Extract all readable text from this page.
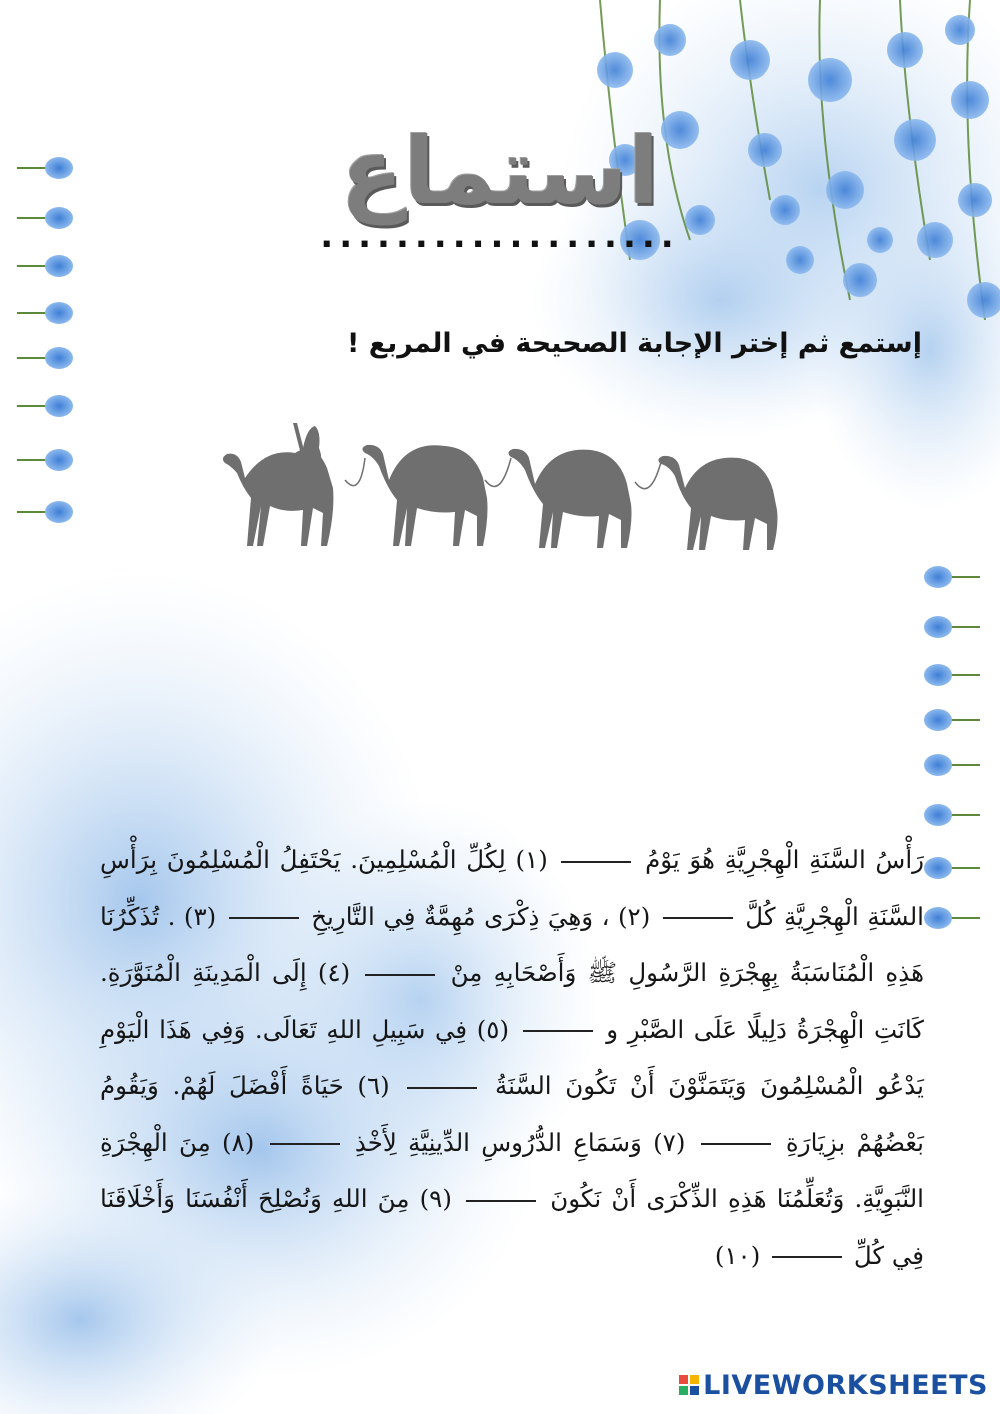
استماع
...................
إستمع ثم إختر الإجابة الصحيحة في المربع !
رَأْسُ السَّنَةِ الْهِجْرِيَّةِ هُوَ يَوْمُ  (١) لِكُلِّ الْمُسْلِمِينَ. يَحْتَفِلُ الْمُسْلِمُونَ بِرَأْسِ السَّنَةِ الْهِجْرِيَّةِ كُلَّ  (٢) ، وَهِيَ ذِكْرَى مُهِمَّةٌ فِي التَّارِيخِ  (٣) . تُذَكِّرُنَا هَذِهِ الْمُنَاسَبَةُ بِهِجْرَةِ الرَّسُولِ ﷺ وَأَصْحَابِهِ مِنْ  (٤) إِلَى الْمَدِينَةِ الْمُنَوَّرَةِ. كَانَتِ الْهِجْرَةُ دَلِيلًا عَلَى الصَّبْرِ و  (٥) فِي سَبِيلِ اللهِ تَعَالَى. وَفِي هَذَا الْيَوْمِ يَدْعُو الْمُسْلِمُونَ وَيَتَمَنَّوْنَ أَنْ تَكُونَ السَّنَةُ  (٦) حَيَاةً أَفْضَلَ لَهُمْ. وَيَقُومُ بَعْضُهُمْ بزِيَارَةِ  (٧) وَسَمَاعِ الدُّرُوسِ الدِّينِيَّةِ لِأَخْذِ  (٨) مِنَ الْهِجْرَةِ النَّبَوِيَّةِ. وَتُعَلِّمُنَا هَذِهِ الذِّكْرَى أَنْ نَكُونَ  (٩) مِنَ اللهِ وَنُصْلِحَ أَنْفُسَنَا وَأَخْلَاقَنَا فِي كُلِّ  (١٠)
LIVEWORKSHEETS
